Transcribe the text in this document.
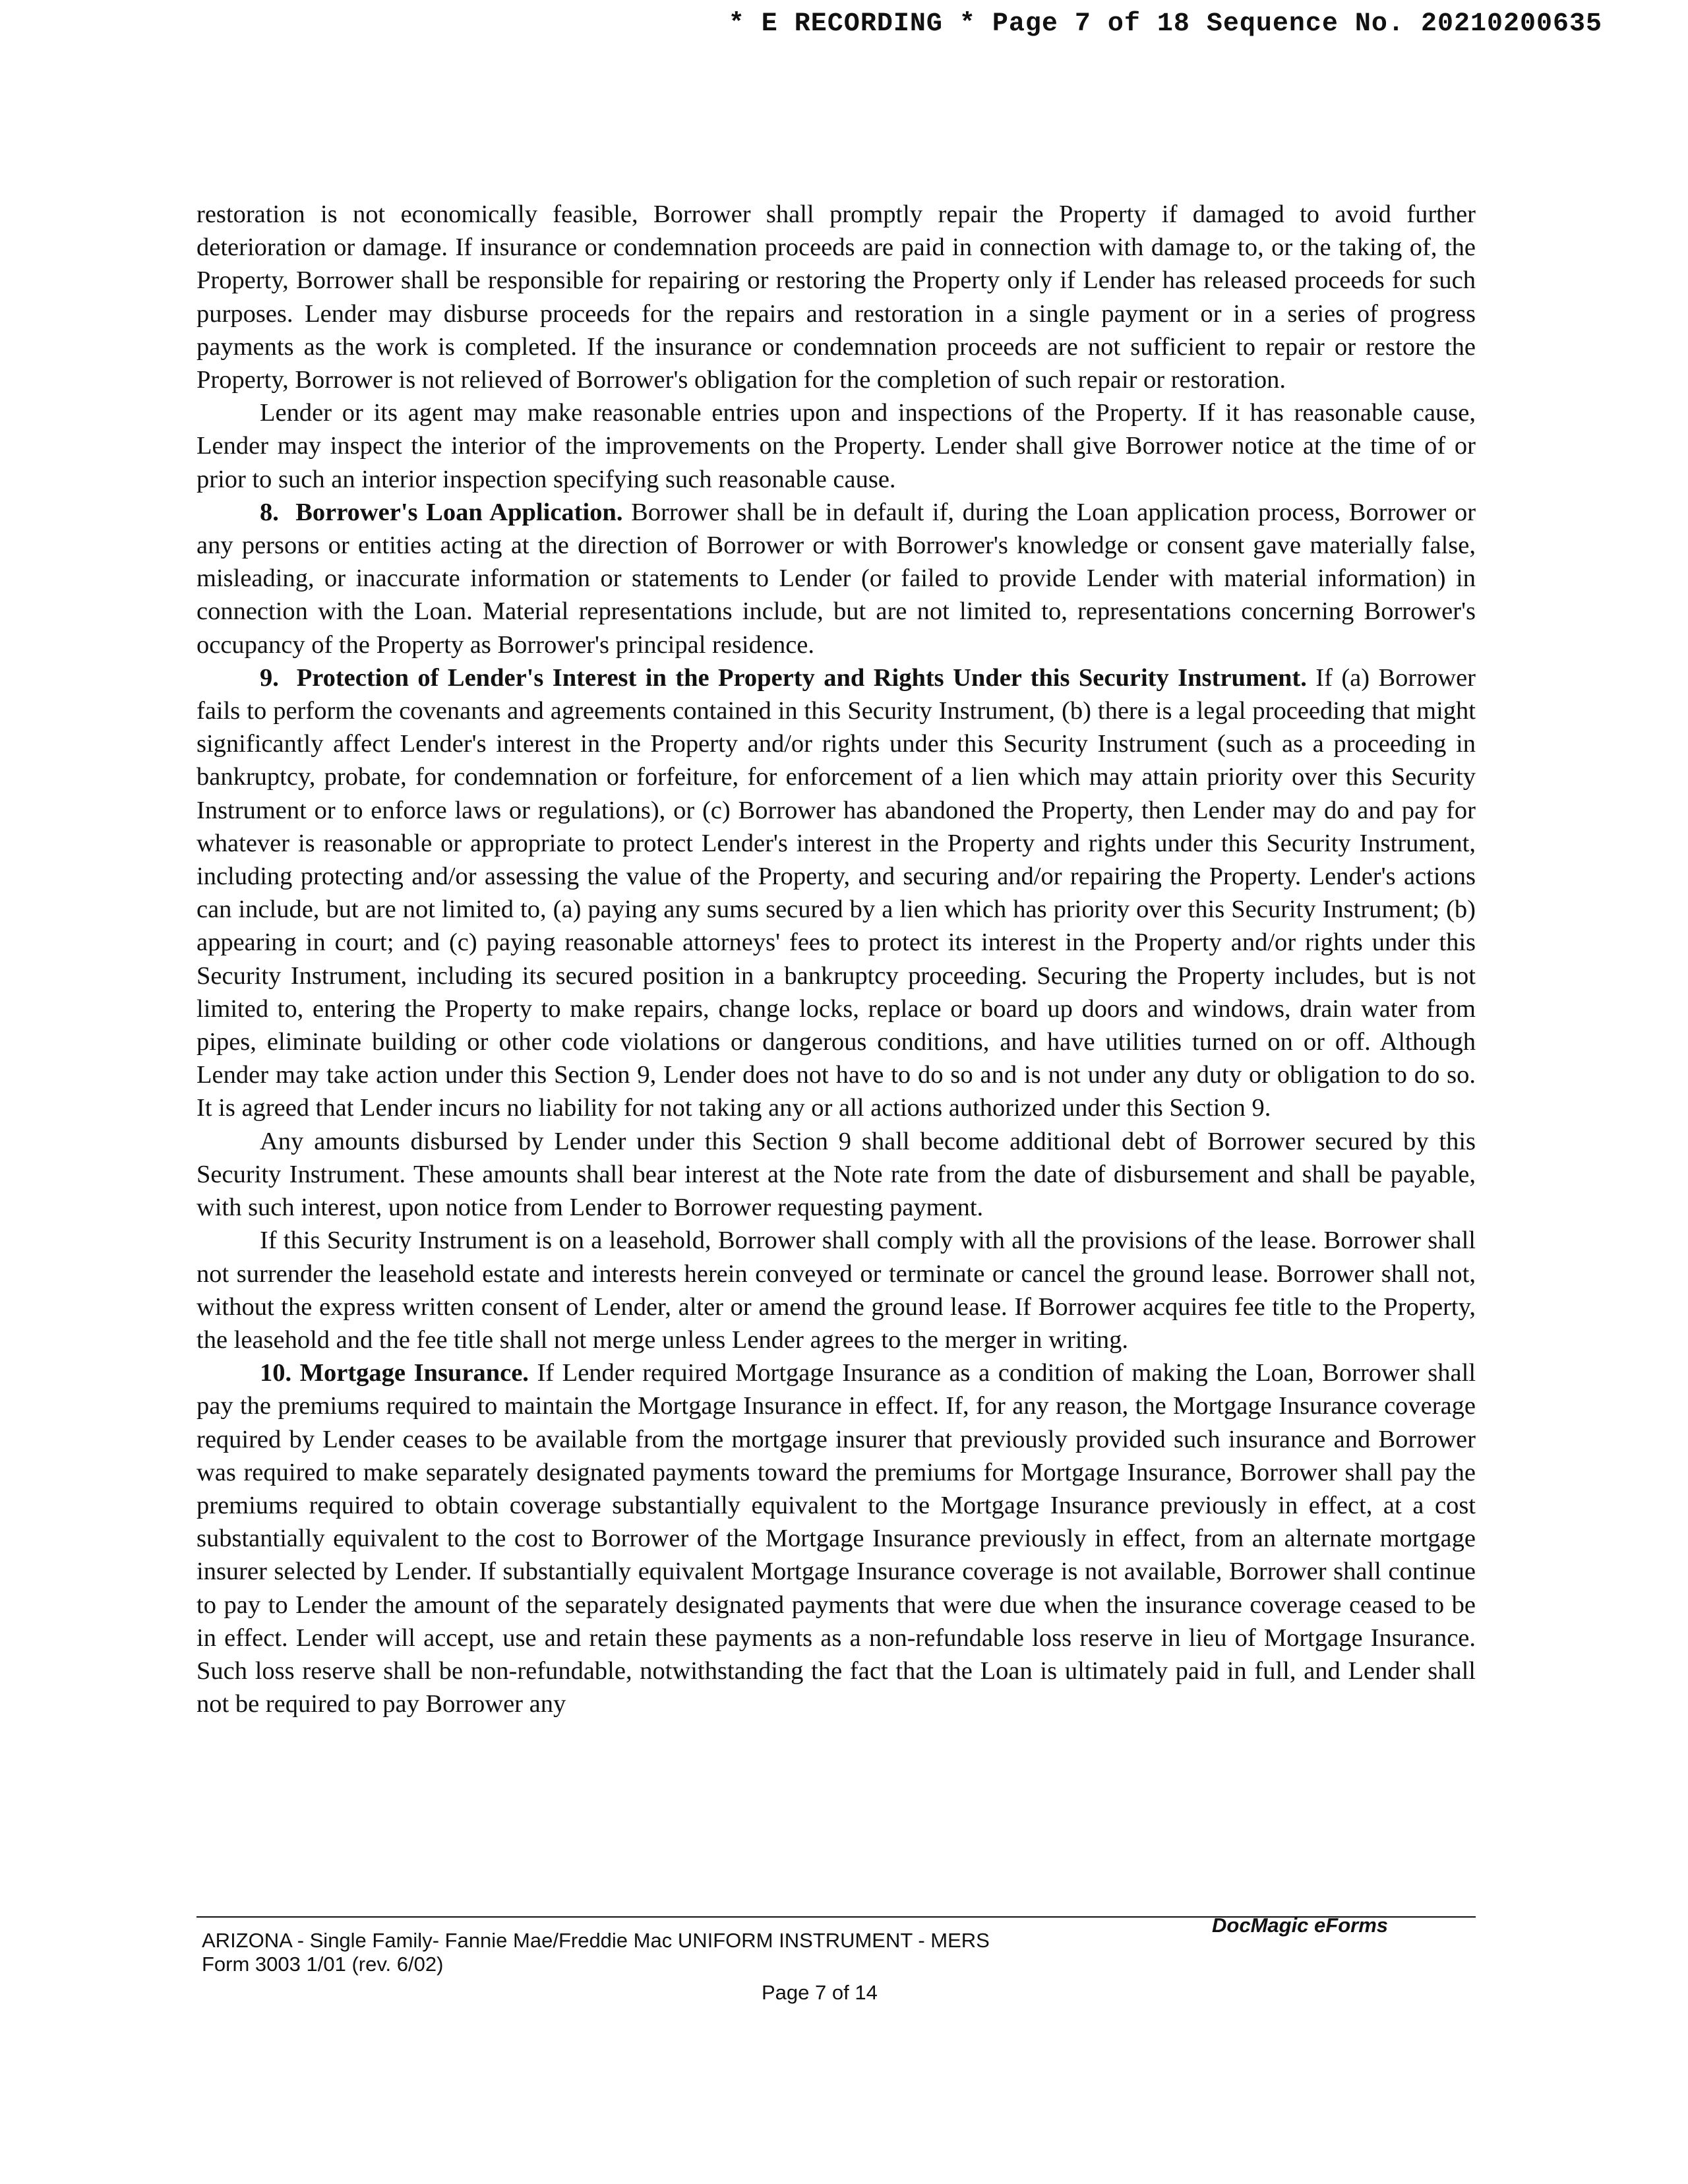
* E RECORDING * Page 7 of 18 Sequence No. 20210200635

restoration is not economically feasible, Borrower shall promptly repair the Property if damaged to avoid further deterioration or damage. If insurance or condemnation proceeds are paid in connection with damage to, or the taking of, the Property, Borrower shall be responsible for repairing or restoring the Property only if Lender has released proceeds for such purposes. Lender may disburse proceeds for the repairs and restoration in a single payment or in a series of progress payments as the work is completed. If the insurance or condemnation proceeds are not sufficient to repair or restore the Property, Borrower is not relieved of Borrower's obligation for the completion of such repair or restoration.

Lender or its agent may make reasonable entries upon and inspections of the Property. If it has reasonable cause, Lender may inspect the interior of the improvements on the Property. Lender shall give Borrower notice at the time of or prior to such an interior inspection specifying such reasonable cause.

8. Borrower's Loan Application. Borrower shall be in default if, during the Loan application process, Borrower or any persons or entities acting at the direction of Borrower or with Borrower's knowledge or consent gave materially false, misleading, or inaccurate information or statements to Lender (or failed to provide Lender with material information) in connection with the Loan. Material representations include, but are not limited to, representations concerning Borrower's occupancy of the Property as Borrower's principal residence.

9. Protection of Lender's Interest in the Property and Rights Under this Security Instrument. If (a) Borrower fails to perform the covenants and agreements contained in this Security Instrument, (b) there is a legal proceeding that might significantly affect Lender's interest in the Property and/or rights under this Security Instrument (such as a proceeding in bankruptcy, probate, for condemnation or forfeiture, for enforcement of a lien which may attain priority over this Security Instrument or to enforce laws or regulations), or (c) Borrower has abandoned the Property, then Lender may do and pay for whatever is reasonable or appropriate to protect Lender's interest in the Property and rights under this Security Instrument, including protecting and/or assessing the value of the Property, and securing and/or repairing the Property. Lender's actions can include, but are not limited to, (a) paying any sums secured by a lien which has priority over this Security Instrument; (b) appearing in court; and (c) paying reasonable attorneys' fees to protect its interest in the Property and/or rights under this Security Instrument, including its secured position in a bankruptcy proceeding. Securing the Property includes, but is not limited to, entering the Property to make repairs, change locks, replace or board up doors and windows, drain water from pipes, eliminate building or other code violations or dangerous conditions, and have utilities turned on or off. Although Lender may take action under this Section 9, Lender does not have to do so and is not under any duty or obligation to do so. It is agreed that Lender incurs no liability for not taking any or all actions authorized under this Section 9.

Any amounts disbursed by Lender under this Section 9 shall become additional debt of Borrower secured by this Security Instrument. These amounts shall bear interest at the Note rate from the date of disbursement and shall be payable, with such interest, upon notice from Lender to Borrower requesting payment.

If this Security Instrument is on a leasehold, Borrower shall comply with all the provisions of the lease. Borrower shall not surrender the leasehold estate and interests herein conveyed or terminate or cancel the ground lease. Borrower shall not, without the express written consent of Lender, alter or amend the ground lease. If Borrower acquires fee title to the Property, the leasehold and the fee title shall not merge unless Lender agrees to the merger in writing.

10. Mortgage Insurance. If Lender required Mortgage Insurance as a condition of making the Loan, Borrower shall pay the premiums required to maintain the Mortgage Insurance in effect. If, for any reason, the Mortgage Insurance coverage required by Lender ceases to be available from the mortgage insurer that previously provided such insurance and Borrower was required to make separately designated payments toward the premiums for Mortgage Insurance, Borrower shall pay the premiums required to obtain coverage substantially equivalent to the Mortgage Insurance previously in effect, at a cost substantially equivalent to the cost to Borrower of the Mortgage Insurance previously in effect, from an alternate mortgage insurer selected by Lender. If substantially equivalent Mortgage Insurance coverage is not available, Borrower shall continue to pay to Lender the amount of the separately designated payments that were due when the insurance coverage ceased to be in effect. Lender will accept, use and retain these payments as a non-refundable loss reserve in lieu of Mortgage Insurance. Such loss reserve shall be non-refundable, notwithstanding the fact that the Loan is ultimately paid in full, and Lender shall not be required to pay Borrower any

DocMagic eForms
ARIZONA - Single Family- Fannie Mae/Freddie Mac UNIFORM INSTRUMENT - MERS
Form 3003 1/01 (rev. 6/02)
Page 7 of 14
